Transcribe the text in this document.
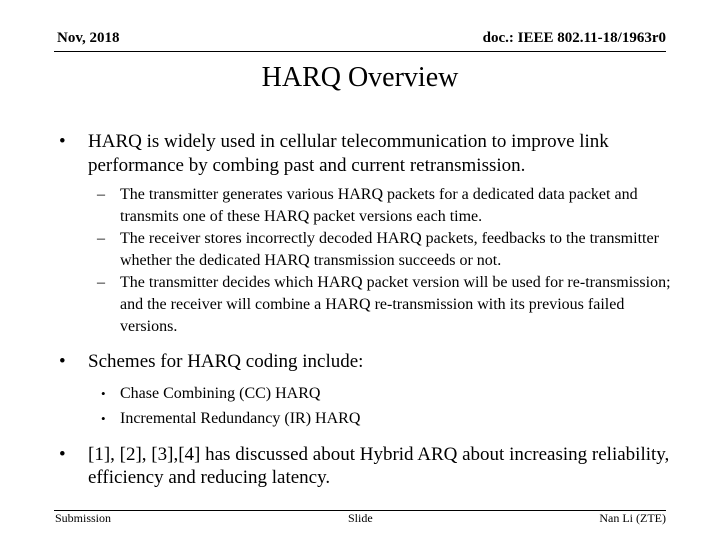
Nov, 2018	doc.: IEEE 802.11-18/1963r0
HARQ Overview
• HARQ is widely used in cellular telecommunication to improve link performance by combing past and current retransmission.
– The transmitter generates various HARQ packets for a dedicated data packet and transmits one of these HARQ packet versions each time.
– The receiver stores incorrectly decoded HARQ packets, feedbacks to the transmitter whether the dedicated HARQ transmission succeeds or not.
– The transmitter decides which HARQ packet version will be used for re-transmission; and the receiver will combine a HARQ re-transmission with its previous failed versions.
• Schemes for HARQ coding include:
• Chase Combining (CC) HARQ
• Incremental Redundancy (IR) HARQ
• [1], [2], [3],[4] has discussed about Hybrid ARQ about increasing reliability, efficiency and reducing latency.
Submission	Slide	Nan Li (ZTE)
